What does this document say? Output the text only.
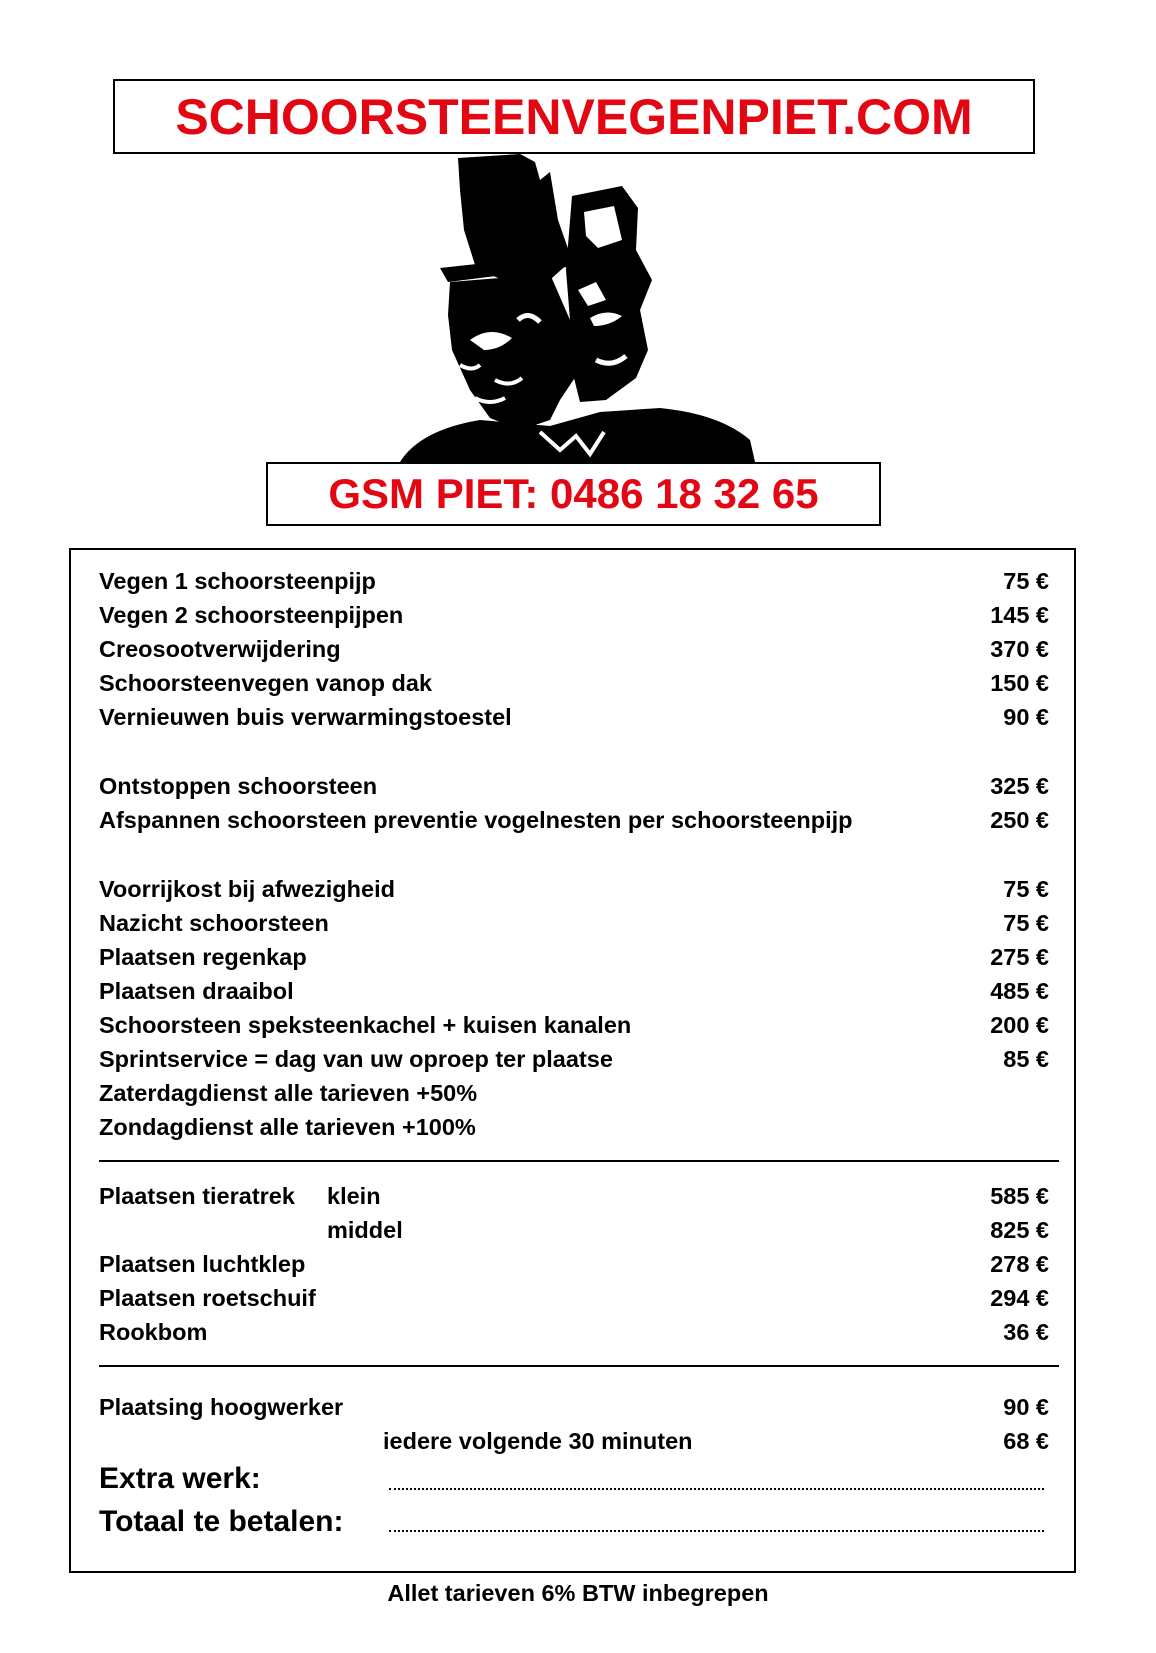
SCHOORSTEENVEGENPIET.COM
GSM PIET: 0486 18 32 65
Vegen 1 schoorsteenpijp	75 €
Vegen 2 schoorsteenpijpen	145 €
Creosootverwijdering	370 €
Schoorsteenvegen vanop dak	150 €
Vernieuwen buis verwarmingstoestel	90 €
Ontstoppen schoorsteen	325 €
Afspannen schoorsteen preventie vogelnesten per schoorsteenpijp	250 €
Voorrijkost bij afwezigheid	75 €
Nazicht schoorsteen	75 €
Plaatsen regenkap	275 €
Plaatsen draaibol	485 €
Schoorsteen speksteenkachel + kuisen kanalen	200 €
Sprintservice = dag van uw oproep ter plaatse	85 €
Zaterdagdienst alle tarieven +50%
Zondagdienst alle tarieven +100%
Plaatsen tieratrek klein	585 €
middel	825 €
Plaatsen luchtklep	278 €
Plaatsen roetschuif	294 €
Rookbom	36 €
Plaatsing hoogwerker	90 €
iedere volgende 30 minuten	68 €
Extra werk:
Totaal te betalen:
Allet tarieven 6% BTW inbegrepen
